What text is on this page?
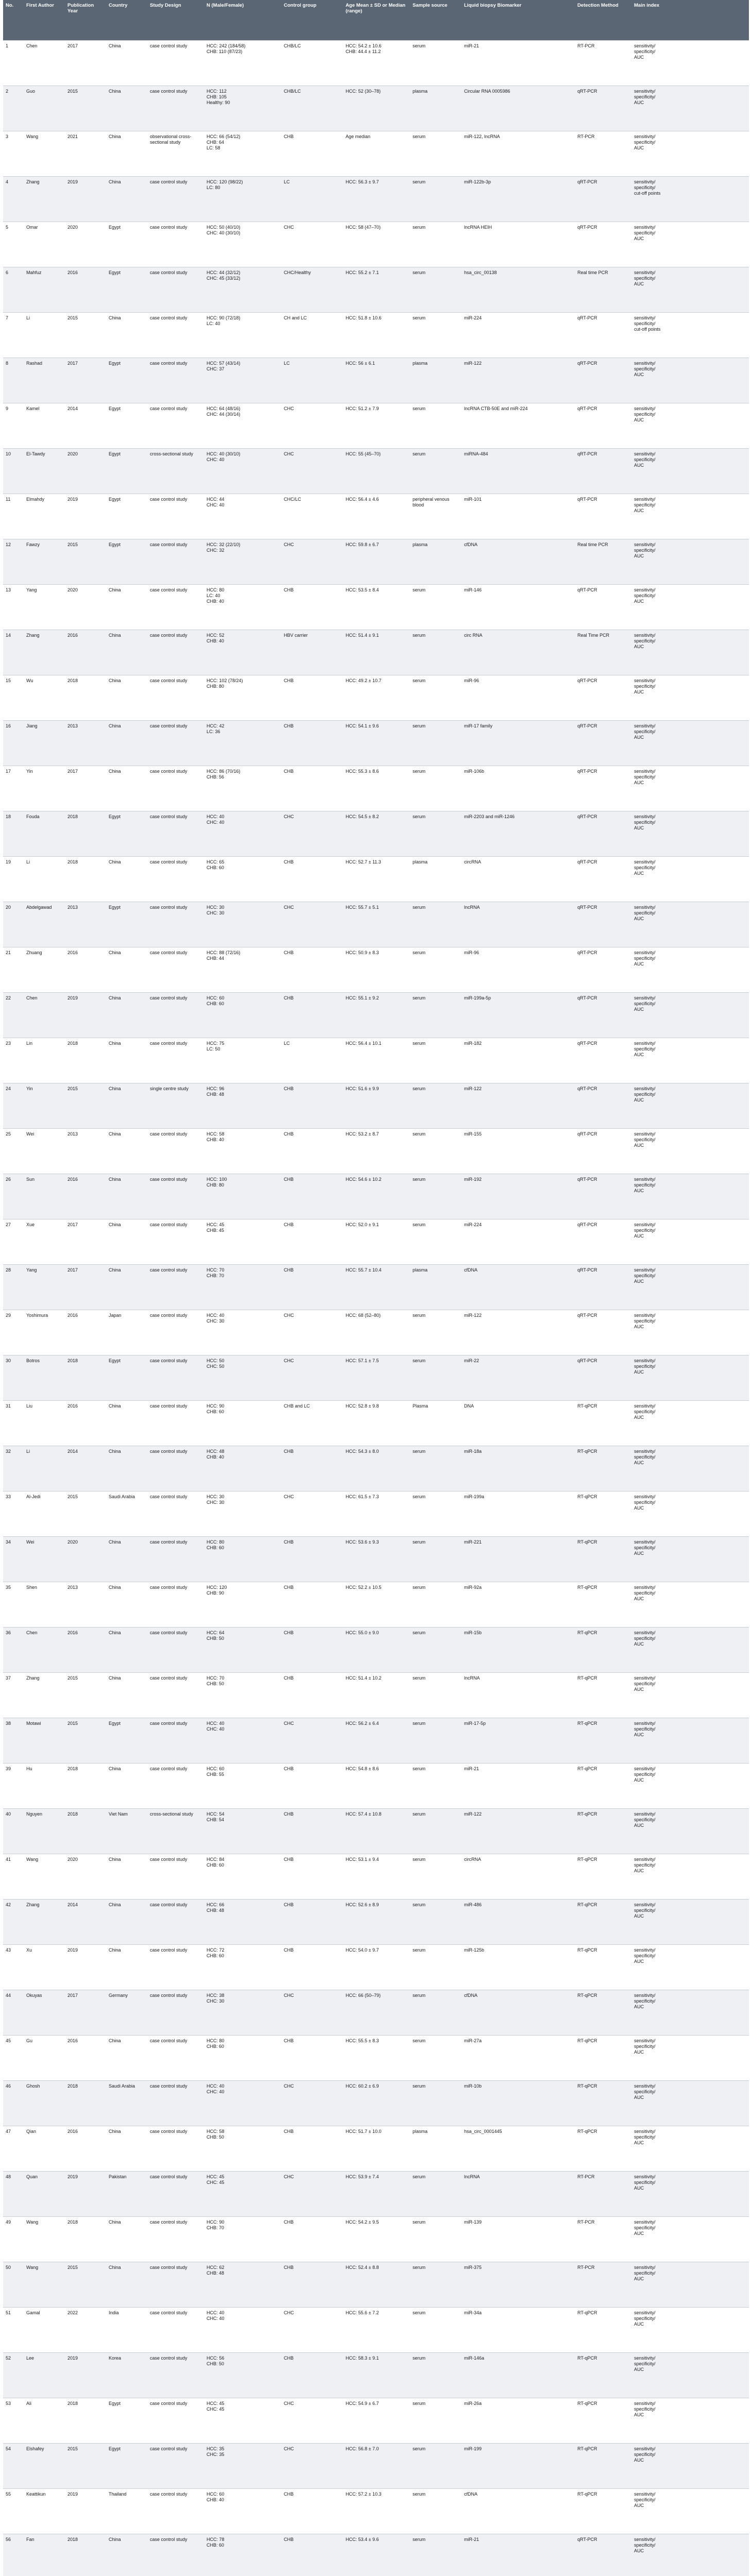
No.	First Author	Publication Year	Country	Study Design	N (Male/Female)	Control group	Age Mean ± SD or Median (range)	Sample source	Liquid biopsy Biomarker	Detection Method	Main index
1	Chen	2017	China	case control study	HCC: 242 (184/58)
CHB: 110 (87/23)	CHB/LC	HCC: 54.2 ± 10.6
CHB: 44.4 ± 11.2	serum	miR-21	RT-PCR	sensitivity/
specificity/
AUC
2	Guo	2015	China	case control study	HCC: 112
CHB: 105
Healthy: 90	CHB/LC	HCC: 52 (30–78)	plasma	Circular RNA 0005986	qRT-PCR	sensitivity/
specificity/
AUC
3	Wang	2021	China	observational cross-sectional study	HCC: 66 (54/12)
CHB: 64
LC: 58	CHB	Age median	serum	miR-122, lncRNA	RT-PCR	sensitivity/
specificity/
AUC
4	Zhang	2019	China	case control study	HCC: 120 (98/22)
LC: 80	LC	HCC: 56.3 ± 9.7	serum	miR-122b-3p	qRT-PCR	sensitivity/
specificity/
cut-off points
5	Omar	2020	Egypt	case control study	HCC: 50 (40/10)
CHC: 40 (30/10)	CHC	HCC: 58 (47–70)	serum	lncRNA HEIH	qRT-PCR	sensitivity/
specificity/
AUC
6	Mahfuz	2016	Egypt	case control study	HCC: 44 (32/12)
CHC: 45 (33/12)	CHC/Healthy	HCC: 55.2 ± 7.1	serum	hsa_circ_00138	Real time PCR	sensitivity/
specificity/
AUC
7	Li	2015	China	case control study	HCC: 90 (72/18)
LC: 40	CH and LC	HCC: 51.8 ± 10.6	serum	miR-224	qRT-PCR	sensitivity/
specificity/
cut-off points
8	Rashad	2017	Egypt	case control study	HCC: 57 (43/14)
CHC: 37	LC	HCC: 56 ± 6.1	plasma	miR-122	qRT-PCR	sensitivity/
specificity/
AUC
9	Kamel	2014	Egypt	case control study	HCC: 64 (48/16)
CHC: 44 (30/14)	CHC	HCC: 51.2 ± 7.9	serum	lncRNA CTB-50E and miR-224	qRT-PCR	sensitivity/
specificity/
AUC
10	El-Tawdy	2020	Egypt	cross-sectional study	HCC: 40 (30/10)
CHC: 40	CHC	HCC: 55 (45–70)	serum	miRNA-484	qRT-PCR	sensitivity/
specificity/
AUC
11	Elmahdy	2019	Egypt	case control study	HCC: 44
CHC: 40	CHC/LC	HCC: 56.4 ± 4.6	peripheral venous blood	miR-101	qRT-PCR	sensitivity/
specificity/
AUC
12	Fawzy	2015	Egypt	case control study	HCC: 32 (22/10)
CHC: 32	CHC	HCC: 59.8 ± 6.7	plasma	cfDNA	Real time PCR	sensitivity/
specificity/
AUC
13	Yang	2020	China	case control study	HCC: 80
LC: 40
CHB: 40	CHB	HCC: 53.5 ± 8.4	serum	miR-146	qRT-PCR	sensitivity/
specificity/
AUC
14	Zhang	2016	China	case control study	HCC: 52
CHB: 40	HBV carrier	HCC: 51.4 ± 9.1	serum	circ RNA	Real Time PCR	sensitivity/
specificity/
AUC
15	Wu	2018	China	case control study	HCC: 102 (78/24)
CHB: 80	CHB	HCC: 49.2 ± 10.7	serum	miR-96	qRT-PCR	sensitivity/
specificity/
AUC
16	Jiang	2013	China	case control study	HCC: 42
LC: 36	CHB	HCC: 54.1 ± 9.6	serum	miR-17 family	qRT-PCR	sensitivity/
specificity/
AUC
17	Yin	2017	China	case control study	HCC: 86 (70/16)
CHB: 56	CHB	HCC: 55.3 ± 8.6	serum	miR-106b	qRT-PCR	sensitivity/
specificity/
AUC
18	Fouda	2018	Egypt	case control study	HCC: 40
CHC: 40	CHC	HCC: 54.5 ± 8.2	serum	miR-2203 and miR-1246	qRT-PCR	sensitivity/
specificity/
AUC
19	Li	2018	China	case control study	HCC: 65
CHB: 60	CHB	HCC: 52.7 ± 11.3	plasma	circRNA	qRT-PCR	sensitivity/
specificity/
AUC
20	Abdelgawad	2013	Egypt	case control study	HCC: 30
CHC: 30	CHC	HCC: 55.7 ± 5.1	serum	lncRNA	qRT-PCR	sensitivity/
specificity/
AUC
21	Zhuang	2016	China	case control study	HCC: 88 (72/16)
CHB: 44	CHB	HCC: 50.9 ± 8.3	serum	miR-96	qRT-PCR	sensitivity/
specificity/
AUC
22	Chen	2019	China	case control study	HCC: 60
CHB: 60	CHB	HCC: 55.1 ± 9.2	serum	miR-199a-5p	qRT-PCR	sensitivity/
specificity/
AUC
23	Lin	2018	China	case control study	HCC: 75
LC: 50	LC	HCC: 56.4 ± 10.1	serum	miR-182	qRT-PCR	sensitivity/
specificity/
AUC
24	Yin	2015	China	single centre study	HCC: 96
CHB: 48	CHB	HCC: 51.6 ± 9.9	serum	miR-122	qRT-PCR	sensitivity/
specificity/
AUC
25	Wei	2013	China	case control study	HCC: 58
CHB: 40	CHB	HCC: 53.2 ± 8.7	serum	miR-155	qRT-PCR	sensitivity/
specificity/
AUC
26	Sun	2016	China	case control study	HCC: 100
CHB: 80	CHB	HCC: 54.6 ± 10.2	serum	miR-192	qRT-PCR	sensitivity/
specificity/
AUC
27	Xue	2017	China	case control study	HCC: 45
CHB: 45	CHB	HCC: 52.0 ± 9.1	serum	miR-224	qRT-PCR	sensitivity/
specificity/
AUC
28	Yang	2017	China	case control study	HCC: 70
CHB: 70	CHB	HCC: 55.7 ± 10.4	plasma	cfDNA	qRT-PCR	sensitivity/
specificity/
AUC
29	Yoshimura	2016	Japan	case control study	HCC: 40
CHC: 30	CHC	HCC: 68 (52–80)	serum	miR-122	qRT-PCR	sensitivity/
specificity/
AUC
30	Botros	2018	Egypt	case control study	HCC: 50
CHC: 50	CHC	HCC: 57.1 ± 7.5	serum	miR-22	qRT-PCR	sensitivity/
specificity/
AUC
31	Liu	2016	China	case control study	HCC: 90
CHB: 60	CHB and LC	HCC: 52.8 ± 9.8	Plasma	DNA	RT-qPCR	sensitivity/
specificity/
AUC
32	Li	2014	China	case control study	HCC: 48
CHB: 40	CHB	HCC: 54.3 ± 8.0	serum	miR-18a	RT-qPCR	sensitivity/
specificity/
AUC
33	Al-Jedi	2015	Saudi Arabia	case control study	HCC: 30
CHC: 30	CHC	HCC: 61.5 ± 7.3	serum	miR-199a	RT-qPCR	sensitivity/
specificity/
AUC
34	Wei	2020	China	case control study	HCC: 80
CHB: 60	CHB	HCC: 53.6 ± 9.3	serum	miR-221	RT-qPCR	sensitivity/
specificity/
AUC
35	Shen	2013	China	case control study	HCC: 120
CHB: 90	CHB	HCC: 52.2 ± 10.5	serum	miR-92a	RT-qPCR	sensitivity/
specificity/
AUC
36	Chen	2016	China	case control study	HCC: 64
CHB: 50	CHB	HCC: 55.0 ± 9.0	serum	miR-15b	RT-qPCR	sensitivity/
specificity/
AUC
37	Zhang	2015	China	case control study	HCC: 70
CHB: 50	CHB	HCC: 51.4 ± 10.2	serum	lncRNA	RT-qPCR	sensitivity/
specificity/
AUC
38	Motawi	2015	Egypt	case control study	HCC: 40
CHC: 40	CHC	HCC: 56.2 ± 6.4	serum	miR-17-5p	RT-qPCR	sensitivity/
specificity/
AUC
39	Hu	2018	China	case control study	HCC: 60
CHB: 55	CHB	HCC: 54.8 ± 8.6	serum	miR-21	RT-qPCR	sensitivity/
specificity/
AUC
40	Nguyen	2018	Viet Nam	cross-sectional study	HCC: 54
CHB: 54	CHB	HCC: 57.4 ± 10.8	serum	miR-122	RT-qPCR	sensitivity/
specificity/
AUC
41	Wang	2020	China	case control study	HCC: 84
CHB: 60	CHB	HCC: 53.1 ± 9.4	serum	circRNA	RT-qPCR	sensitivity/
specificity/
AUC
42	Zhang	2014	China	case control study	HCC: 66
CHB: 48	CHB	HCC: 52.6 ± 8.9	serum	miR-486	RT-qPCR	sensitivity/
specificity/
AUC
43	Xu	2019	China	case control study	HCC: 72
CHB: 60	CHB	HCC: 54.0 ± 9.7	serum	miR-125b	RT-qPCR	sensitivity/
specificity/
AUC
44	Okuyas	2017	Germany	case control study	HCC: 38
CHC: 30	CHC	HCC: 66 (50–79)	serum	cfDNA	RT-qPCR	sensitivity/
specificity/
AUC
45	Gu	2016	China	case control study	HCC: 80
CHB: 60	CHB	HCC: 55.5 ± 8.3	serum	miR-27a	RT-qPCR	sensitivity/
specificity/
AUC
46	Ghosh	2018	Saudi Arabia	case control study	HCC: 40
CHC: 40	CHC	HCC: 60.2 ± 6.9	serum	miR-10b	RT-qPCR	sensitivity/
specificity/
AUC
47	Qian	2016	China	case control study	HCC: 58
CHB: 50	CHB	HCC: 51.7 ± 10.0	plasma	hsa_circ_0001445	RT-qPCR	sensitivity/
specificity/
AUC
48	Quan	2019	Pakistan	case control study	HCC: 45
CHC: 45	CHC	HCC: 53.9 ± 7.4	serum	lncRNA	RT-PCR	sensitivity/
specificity/
AUC
49	Wang	2018	China	case control study	HCC: 90
CHB: 70	CHB	HCC: 54.2 ± 9.5	serum	miR-139	RT-PCR	sensitivity/
specificity/
AUC
50	Wang	2015	China	case control study	HCC: 62
CHB: 48	CHB	HCC: 52.4 ± 8.8	serum	miR-375	RT-PCR	sensitivity/
specificity/
AUC
51	Gamal	2022	India	case control study	HCC: 40
CHC: 40	CHC	HCC: 55.6 ± 7.2	serum	miR-34a	RT-qPCR	sensitivity/
specificity/
AUC
52	Lee	2019	Korea	case control study	HCC: 56
CHB: 50	CHB	HCC: 58.3 ± 9.1	serum	miR-146a	RT-qPCR	sensitivity/
specificity/
AUC
53	Ali	2018	Egypt	case control study	HCC: 45
CHC: 45	CHC	HCC: 54.9 ± 6.7	serum	miR-26a	RT-qPCR	sensitivity/
specificity/
AUC
54	Elshafey	2015	Egypt	case control study	HCC: 35
CHC: 35	CHC	HCC: 56.8 ± 7.0	serum	miR-199	RT-qPCR	sensitivity/
specificity/
AUC
55	Keattikun	2019	Thailand	case control study	HCC: 60
CHB: 40	CHB	HCC: 57.2 ± 10.3	serum	cfDNA	RT-qPCR	sensitivity/
specificity/
AUC
56	Fan	2018	China	case control study	HCC: 78
CHB: 60	CHB	HCC: 53.4 ± 9.6	serum	miR-21	qRT-PCR	sensitivity/
specificity/
AUC
